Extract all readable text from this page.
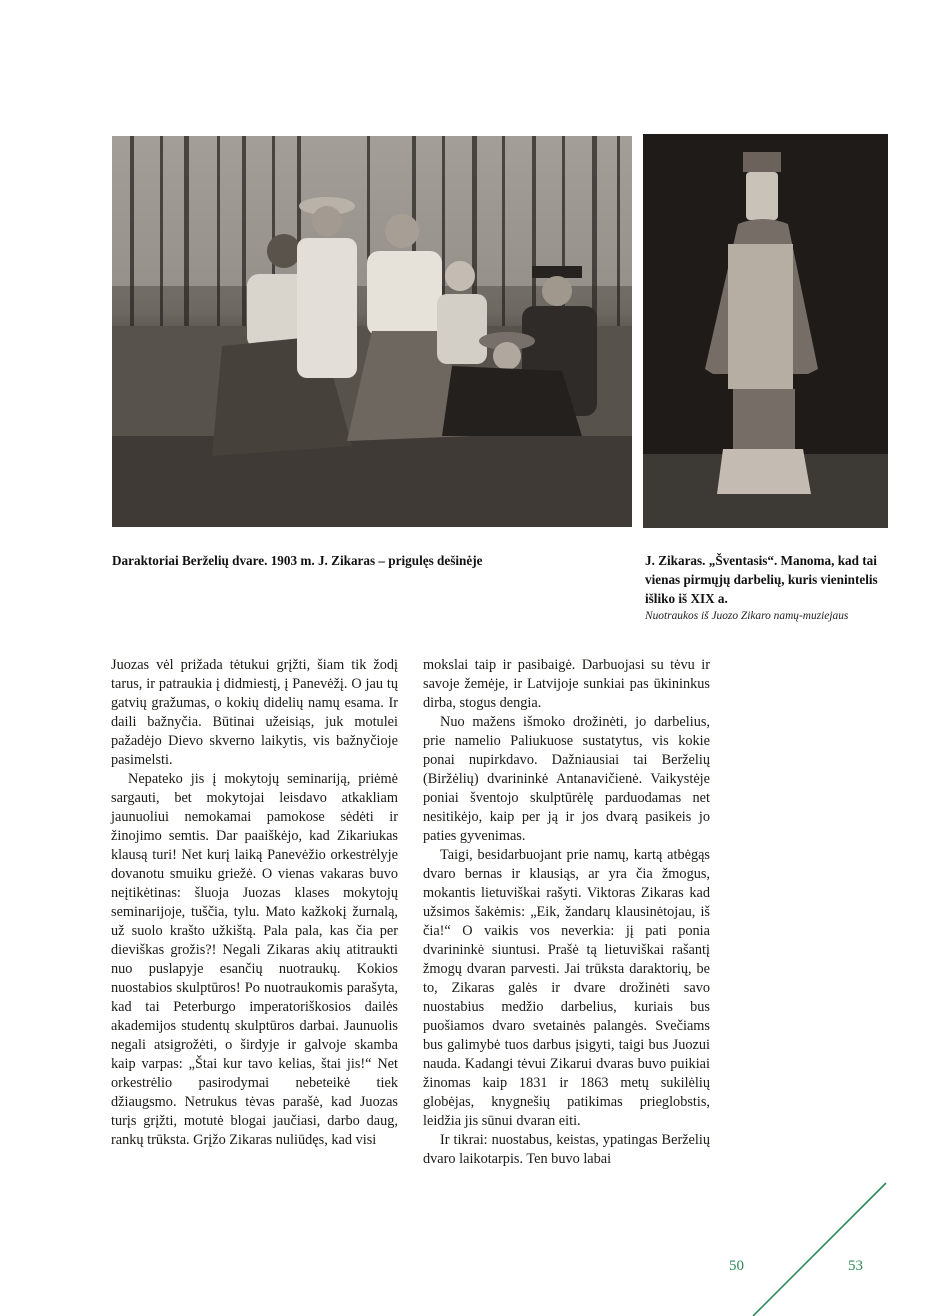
Daraktoriai Berželių dvare. 1903 m. J. Zikaras – prigulęs dešinėje	J. Zikaras. „Šventasis“. Manoma, kad tai vienas pirmųjų darbelių, kuris vienintelis išliko iš XIX a.
Nuotraukos iš Juozo Zikaro namų-muziejaus

Juozas vėl prižada tėtukui grįžti, šiam tik žodį tarus, ir patraukia į didmiestį, į Panevėžį. O jau tų gatvių gražumas, o kokių didelių namų esama. Ir daili bažnyčia. Būtinai užeisiąs, juk motulei pažadėjo Dievo skverno laikytis, vis bažnyčioje pasimelsti.

Nepateko jis į mokytojų seminariją, priėmė sargauti, bet mokytojai leisdavo atkakliam jaunuoliui nemokamai pamokose sėdėti ir žinojimo semtis. Dar paaiškėjo, kad Zikariukas klausą turi! Net kurį laiką Panevėžio orkestrėlyje dovanotu smuiku griežė. O vienas vakaras buvo neįtikėtinas: šluoja Juozas klases mokytojų seminarijoje, tuščia, tylu. Mato kažkokį žurnalą, už suolo krašto užkištą. Pala pala, kas čia per dieviškas grožis?! Negali Zikaras akių atitraukti nuo puslapyje esančių nuotraukų. Kokios nuostabios skulptūros! Po nuotraukomis parašyta, kad tai Peterburgo imperatoriškosios dailės akademijos studentų skulptūros darbai. Jaunuolis negali atsigrožėti, o širdyje ir galvoje skamba kaip varpas: „Štai kur tavo kelias, štai jis!“ Net orkestrėlio pasirodymai nebeteikė tiek džiaugsmo. Netrukus tėvas parašė, kad Juozas turįs grįžti, motutė blogai jaučiasi, darbo daug, rankų trūksta. Grįžo Zikaras nuliūdęs, kad visi

mokslai taip ir pasibaigė. Darbuojasi su tėvu ir savoje žemėje, ir Latvijoje sunkiai pas ūkininkus dirba, stogus dengia.

Nuo mažens išmoko drožinėti, jo darbelius, prie namelio Paliukuose sustatytus, vis kokie ponai nupirkdavo. Dažniausiai tai Berželių (Biržėlių) dvarininkė Antanavičienė. Vaikystėje poniai šventojo skulptūrėlę parduodamas net nesitikėjo, kaip per ją ir jos dvarą pasikeis jo paties gyvenimas.

Taigi, besidarbuojant prie namų, kartą atbėgąs dvaro bernas ir klausiąs, ar yra čia žmogus, mokantis lietuviškai rašyti. Viktoras Zikaras kad užsimos šakėmis: „Eik, žandarų klausinėtojau, iš čia!“ O vaikis vos neverkia: jį pati ponia dvarininkė siuntusi. Prašė tą lietuviškai rašantį žmogų dvaran parvesti. Jai trūksta daraktorių, be to, Zikaras galės ir dvare drožinėti savo nuostabius medžio darbelius, kuriais bus puošiamos dvaro svetainės palangės. Svečiams bus galimybė tuos darbus įsigyti, taigi bus Juozui nauda. Kadangi tėvui Zikarui dvaras buvo puikiai žinomas kaip 1831 ir 1863 metų sukilėlių globėjas, knygnešių patikimas prieglobstis, leidžia jis sūnui dvaran eiti.

Ir tikrai: nuostabus, keistas, ypatingas Berželių dvaro laikotarpis. Ten buvo labai

50	53
